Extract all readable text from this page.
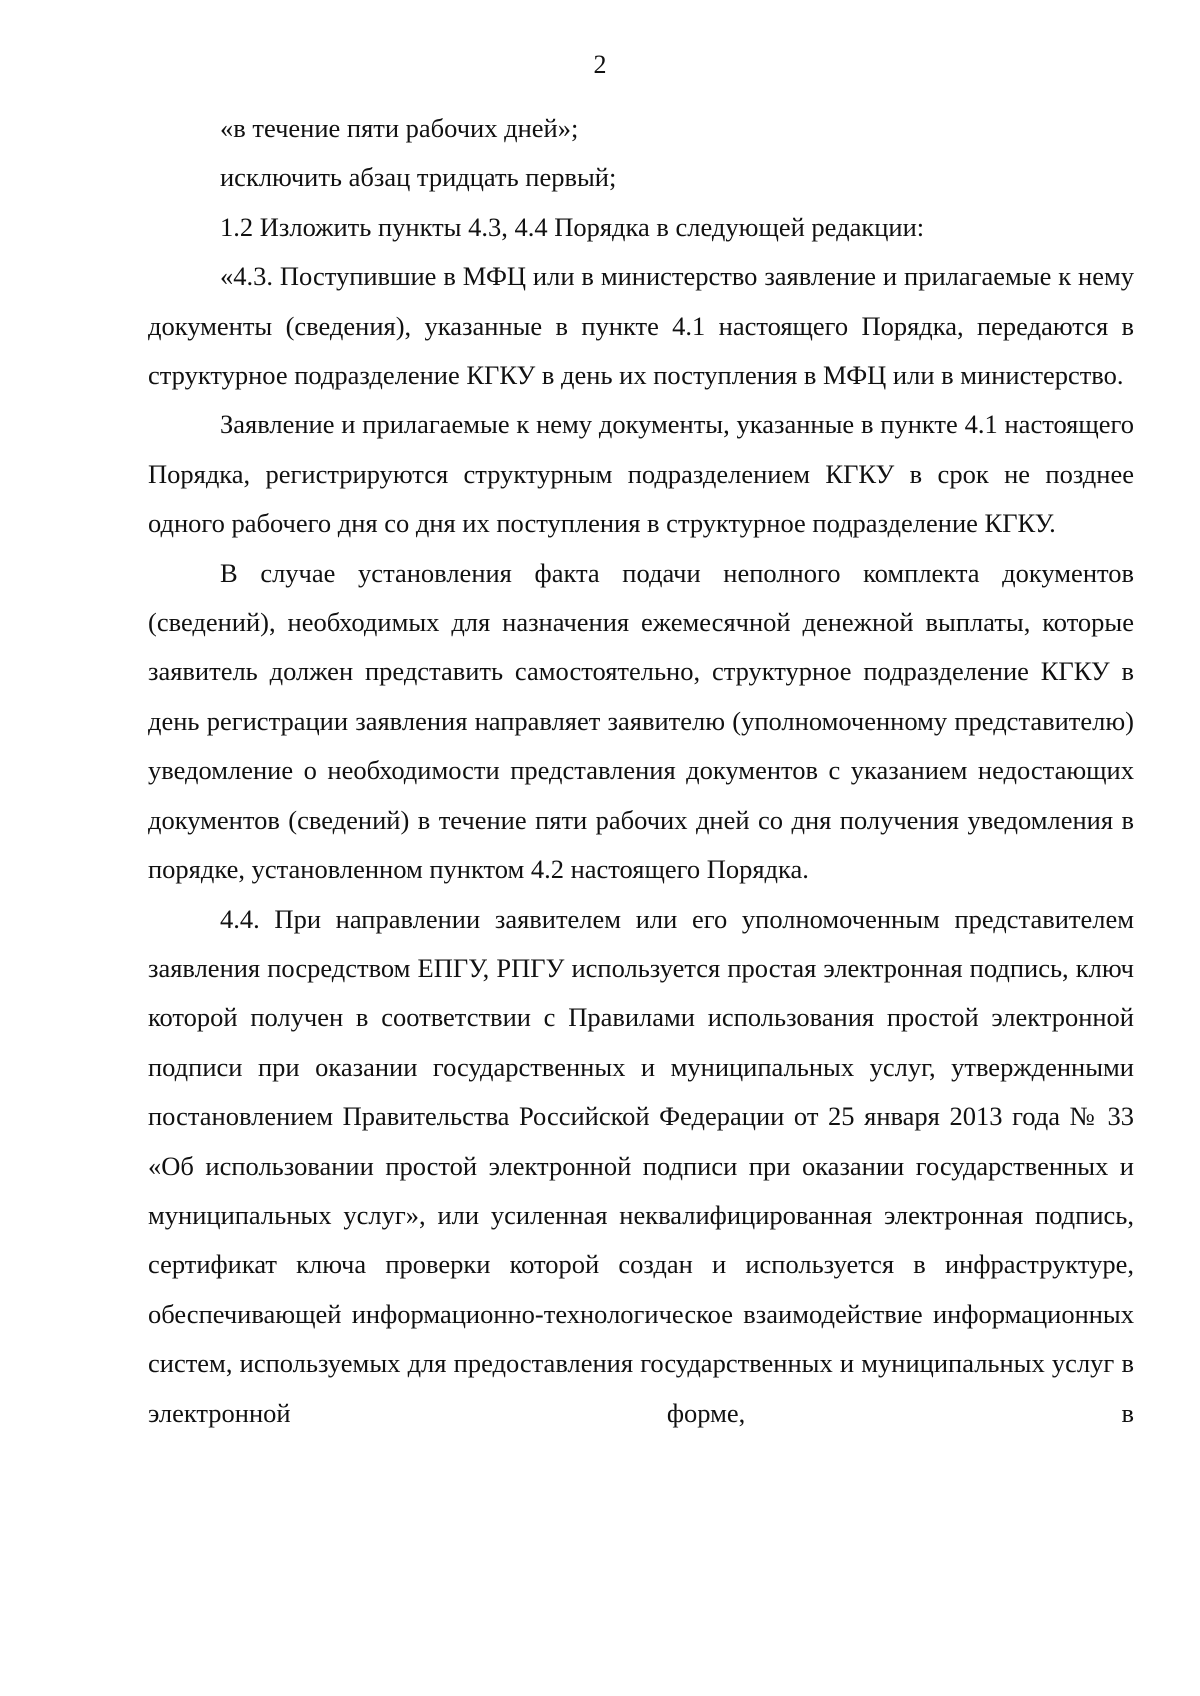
2

«в течение пяти рабочих дней»;

исключить абзац тридцать первый;

1.2 Изложить пункты 4.3, 4.4 Порядка в следующей редакции:

«4.3. Поступившие в МФЦ или в министерство заявление и прилагаемые к нему документы (сведения), указанные в пункте 4.1 настоящего Порядка, передаются в структурное подразделение КГКУ в день их поступления в МФЦ или в министерство.

Заявление и прилагаемые к нему документы, указанные в пункте 4.1 настоящего Порядка, регистрируются структурным подразделением КГКУ в срок не позднее одного рабочего дня со дня их поступления в структурное подразделение КГКУ.

В случае установления факта подачи неполного комплекта документов (сведений), необходимых для назначения ежемесячной денежной выплаты, которые заявитель должен представить самостоятельно, структурное подразделение КГКУ в день регистрации заявления направляет заявителю (уполномоченному представителю) уведомление о необходимости представления документов с указанием недостающих документов (сведений) в течение пяти рабочих дней со дня получения уведомления в порядке, установленном пунктом 4.2 настоящего Порядка.

4.4. При направлении заявителем или его уполномоченным представителем заявления посредством ЕПГУ, РПГУ используется простая электронная подпись, ключ которой получен в соответствии с Правилами использования простой электронной подписи при оказании государственных и муниципальных услуг, утвержденными постановлением Правительства Российской Федерации от 25 января 2013 года № 33 «Об использовании простой электронной подписи при оказании государственных и муниципальных услуг», или усиленная неквалифицированная электронная подпись, сертификат ключа проверки которой создан и используется в инфраструктуре, обеспечивающей информационно-технологическое взаимодействие информационных систем, используемых для предоставления государственных и муниципальных услуг в электронной форме, в
